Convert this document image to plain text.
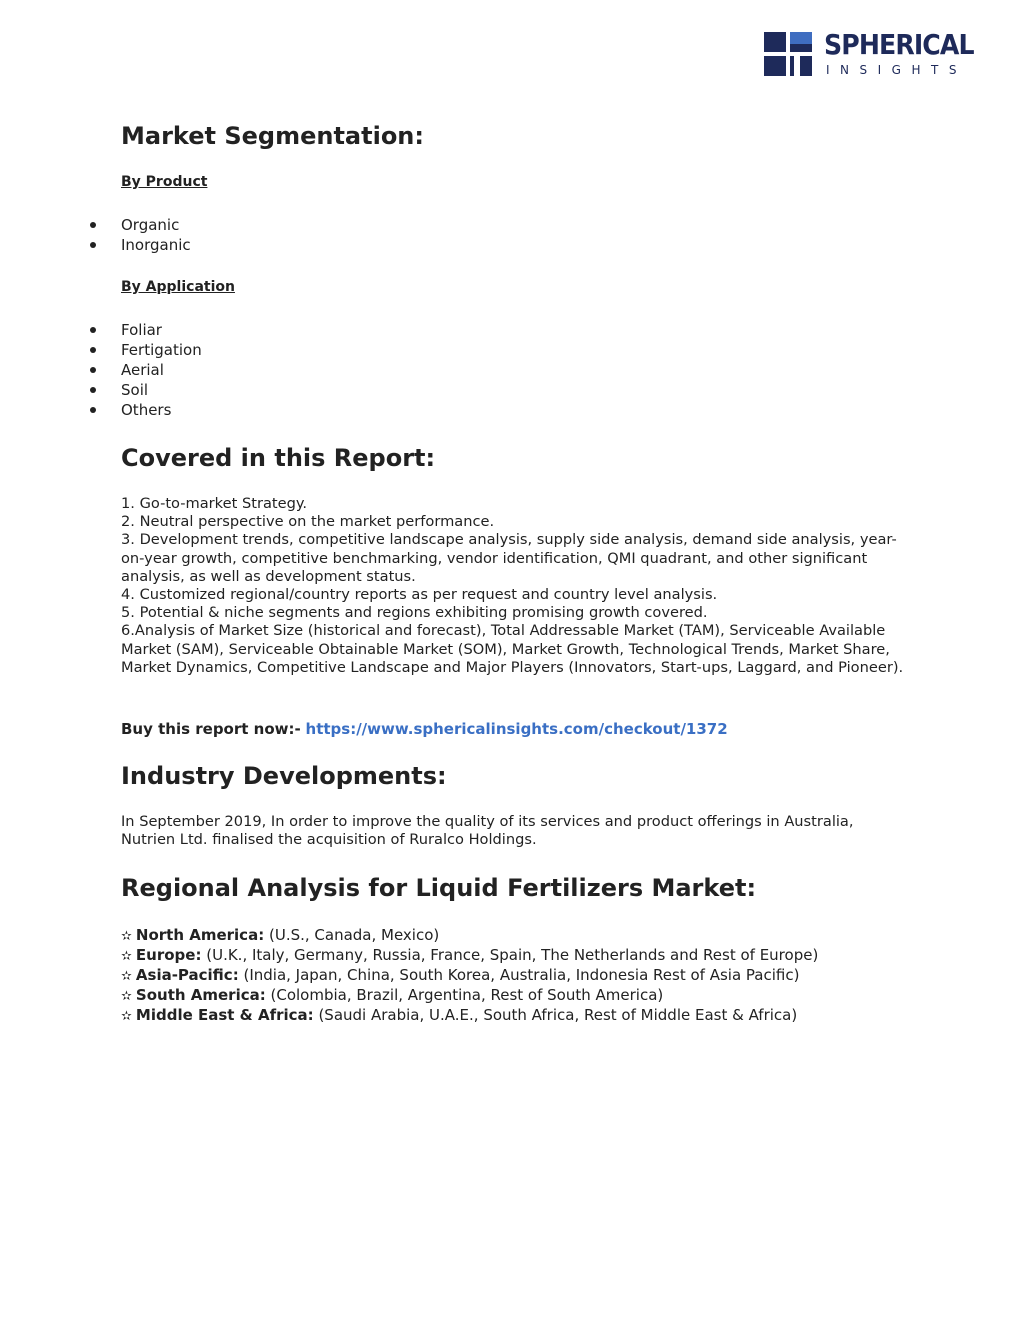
SPHERICAL
INSIGHTS
Market Segmentation:
By Product
Organic
Inorganic
By Application
Foliar
Fertigation
Aerial
Soil
Others
Covered in this Report:
1. Go-to-market Strategy.
2. Neutral perspective on the market performance.
3. Development trends, competitive landscape analysis, supply side analysis, demand side analysis, year-on-year growth, competitive benchmarking, vendor identification, QMI quadrant, and other significant analysis, as well as development status.
4. Customized regional/country reports as per request and country level analysis.
5. Potential & niche segments and regions exhibiting promising growth covered.
6.Analysis of Market Size (historical and forecast), Total Addressable Market (TAM), Serviceable Available Market (SAM), Serviceable Obtainable Market (SOM), Market Growth, Technological Trends, Market Share, Market Dynamics, Competitive Landscape and Major Players (Innovators, Start-ups, Laggard, and Pioneer).
Buy this report now:- https://www.sphericalinsights.com/checkout/1372
Industry Developments:

In September 2019, In order to improve the quality of its services and product offerings in Australia, Nutrien Ltd. finalised the acquisition of Ruralco Holdings.

Regional Analysis for Liquid Fertilizers Market:
✫ North America: (U.S., Canada, Mexico)
✫ Europe: (U.K., Italy, Germany, Russia, France, Spain, The Netherlands and Rest of Europe)
✫ Asia-Pacific: (India, Japan, China, South Korea, Australia, Indonesia Rest of Asia Pacific)
✫ South America: (Colombia, Brazil, Argentina, Rest of South America)
✫ Middle East & Africa: (Saudi Arabia, U.A.E., South Africa, Rest of Middle East & Africa)
